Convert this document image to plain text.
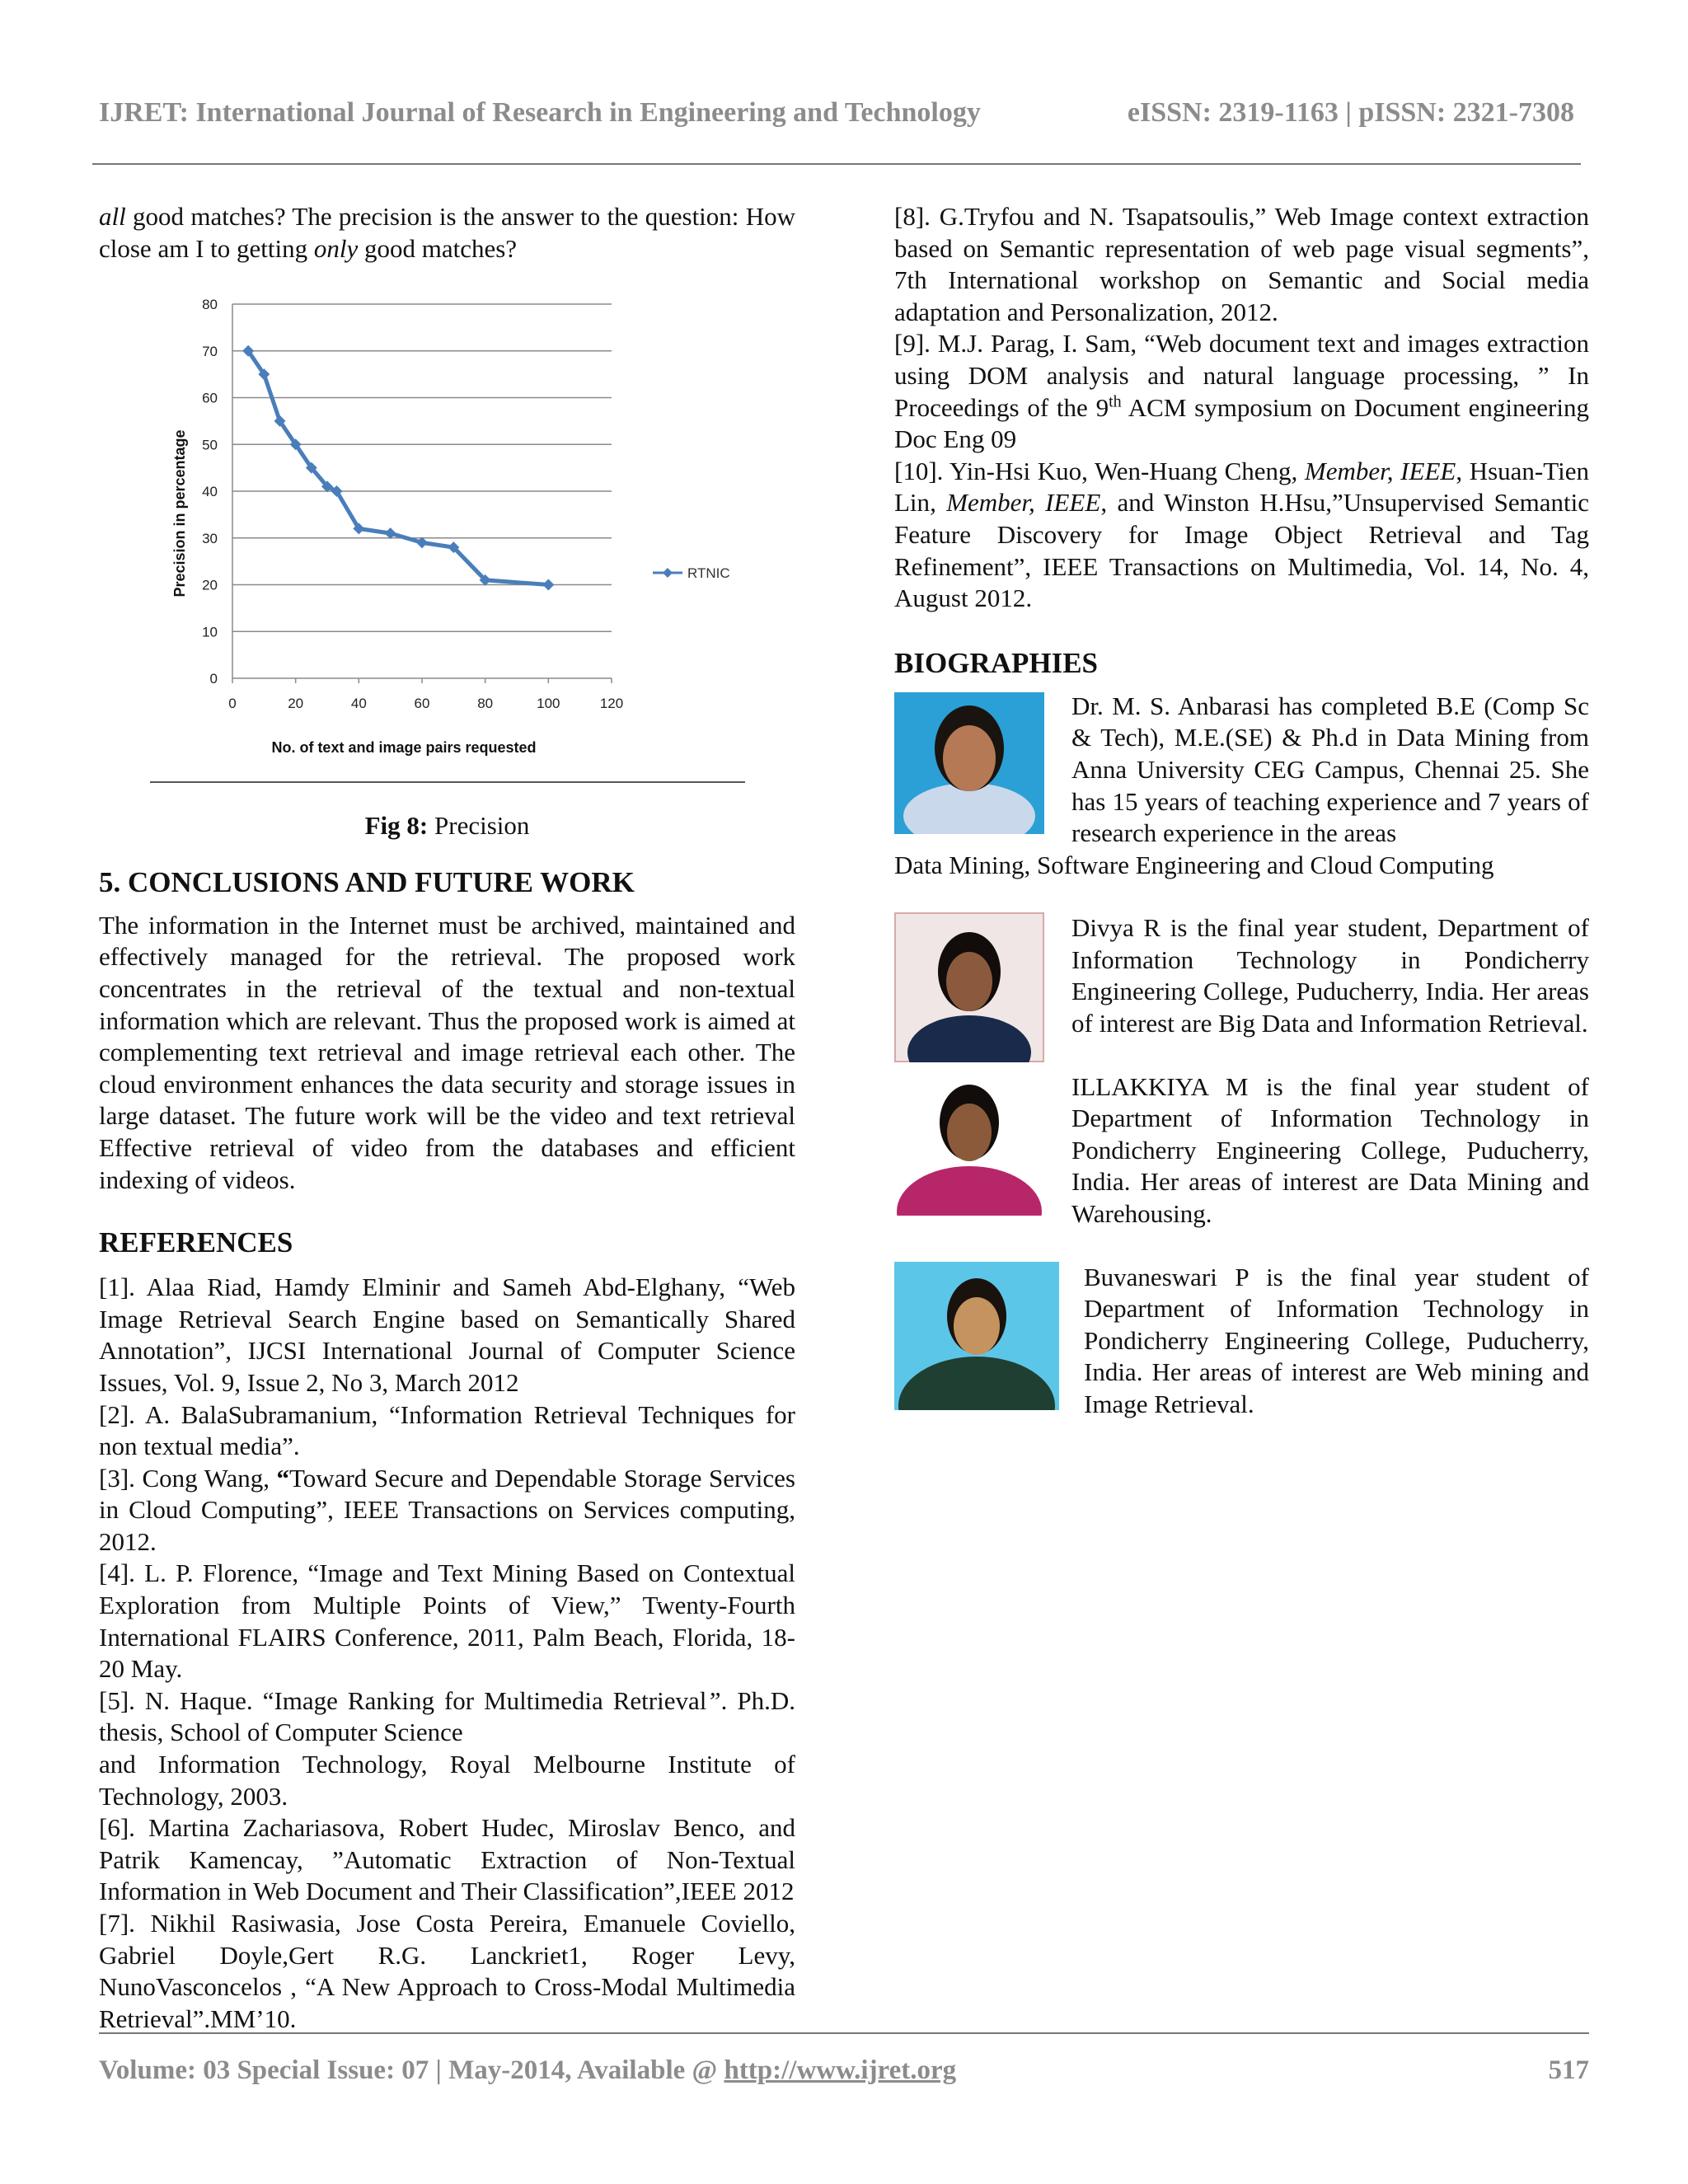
IJRET: International Journal of Research in Engineering and Technology	eISSN: 2319-1163 | pISSN: 2321-7308

all good matches? The precision is the answer to the question: How close am I to getting only good matches?

0	20	40	60	80	100	120
0
10
20
30
40
50
60
70
80
No. of text and image pairs requested
Precision in percentage	RTNIC

Fig 8: Precision

5. CONCLUSIONS AND FUTURE WORK

The information in the Internet must be archived, maintained and effectively managed for the retrieval. The proposed work concentrates in the retrieval of the textual and non-textual information which are relevant. Thus the proposed work is aimed at complementing text retrieval and image retrieval each other. The cloud environment enhances the data security and storage issues in large dataset. The future work will be the video and text retrieval Effective retrieval of video from the databases and efficient indexing of videos.

REFERENCES

[1]. Alaa Riad, Hamdy Elminir and Sameh Abd-Elghany, “Web Image Retrieval Search Engine based on Semantically Shared Annotation”, IJCSI International Journal of Computer Science Issues, Vol. 9, Issue 2, No 3, March 2012

[2]. A. BalaSubramanium, “Information Retrieval Techniques for non textual media”.

[3]. Cong Wang, “Toward Secure and Dependable Storage Services in Cloud Computing”, IEEE Transactions on Services computing, 2012.

[4]. L. P. Florence, “Image and Text Mining Based on Contextual Exploration from Multiple Points of View,” Twenty-Fourth International FLAIRS Conference, 2011, Palm Beach, Florida, 18-20 May.

[5]. N. Haque. “Image Ranking for Multimedia Retrieval”. Ph.D. thesis, School of Computer Science

and Information Technology, Royal Melbourne Institute of Technology, 2003.

[6]. Martina Zachariasova, Robert Hudec, Miroslav Benco, and Patrik Kamencay, ”Automatic Extraction of Non-Textual Information in Web Document and Their Classification”,IEEE 2012

[7]. Nikhil Rasiwasia, Jose Costa Pereira, Emanuele Coviello, Gabriel Doyle,Gert R.G. Lanckriet1, Roger Levy, NunoVasconcelos , “A New Approach to Cross-Modal Multimedia Retrieval”.MM’10.

[8]. G.Tryfou and N. Tsapatsoulis,” Web Image context extraction based on Semantic representation of web page visual segments”, 7th International workshop on Semantic and Social media adaptation and Personalization, 2012.

[9]. M.J. Parag, I. Sam, “Web document text and images extraction using DOM analysis and natural language processing, ” In Proceedings of the 9th ACM symposium on Document engineering Doc Eng 09

[10]. Yin-Hsi Kuo, Wen-Huang Cheng, Member, IEEE, Hsuan-Tien Lin, Member, IEEE, and Winston H.Hsu,”Unsupervised Semantic Feature Discovery for Image Object Retrieval and Tag Refinement”, IEEE Transactions on Multimedia, Vol. 14, No. 4, August 2012.

BIOGRAPHIES

Dr. M. S. Anbarasi has completed B.E (Comp Sc & Tech), M.E.(SE) & Ph.d in Data Mining from Anna University CEG Campus, Chennai 25. She has 15 years of teaching experience and 7 years of research experience in the areas

Data Mining, Software Engineering and Cloud Computing

Divya R is the final year student, Department of Information Technology in Pondicherry Engineering College, Puducherry, India. Her areas of interest are Big Data and Information Retrieval.

ILLAKKIYA M is the final year student of Department of Information Technology in Pondicherry Engineering College, Puducherry, India. Her areas of interest are Data Mining and Warehousing.

Buvaneswari P is the final year student of Department of Information Technology in Pondicherry Engineering College, Puducherry, India. Her areas of interest are Web mining and Image Retrieval.

Volume: 03 Special Issue: 07 | May-2014, Available @ http://www.ijret.org	517
